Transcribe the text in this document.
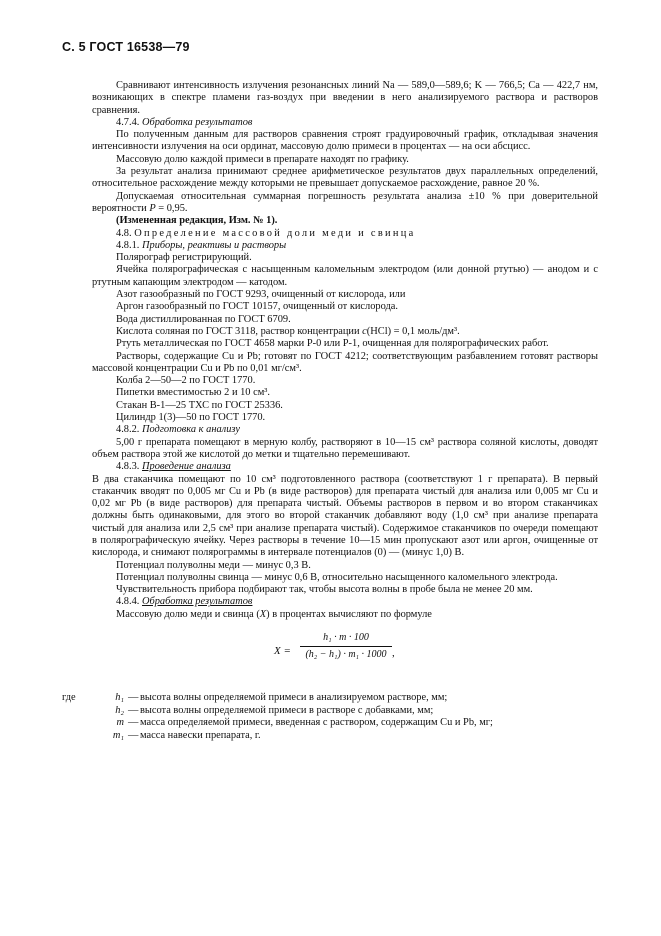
С. 5 ГОСТ 16538—79

Сравнивают интенсивность излучения резонансных линий Na — 589,0—589,6; K — 766,5; Ca — 422,7 нм, возникающих в спектре пламени газ-воздух при введении в него анализируемого раствора и растворов сравнения.

4.7.4. Обработка результатов

По полученным данным для растворов сравнения строят градуировочный график, откладывая значения интенсивности излучения на оси ординат, массовую долю примеси в процентах — на оси абсцисс.

Массовую долю каждой примеси в препарате находят по графику.

За результат анализа принимают среднее арифметическое результатов двух параллельных определений, относительное расхождение между которыми не превышает допускаемое расхождение, равное 20 %.

Допускаемая относительная суммарная погрешность результата анализа ±10 % при доверительной вероятности P = 0,95.

(Измененная редакция, Изм. № 1).

4.8. Определение массовой доли меди и свинца

4.8.1. Приборы, реактивы и растворы

Полярограф регистрирующий.

Ячейка полярографическая с насыщенным каломельным электродом (или донной ртутью) — анодом и с ртутным капающим электродом — катодом.

Азот газообразный по ГОСТ 9293, очищенный от кислорода, или

Аргон газообразный по ГОСТ 10157, очищенный от кислорода.

Вода дистиллированная по ГОСТ 6709.

Кислота соляная по ГОСТ 3118, раствор концентрации c(HCl) = 0,1 моль/дм³.

Ртуть металлическая по ГОСТ 4658 марки Р-0 или Р-1, очищенная для полярографических работ.

Растворы, содержащие Cu и Pb; готовят по ГОСТ 4212; соответствующим разбавлением готовят растворы массовой концентрации Cu и Pb по 0,01 мг/см³.

Колба 2—50—2 по ГОСТ 1770.

Пипетки вместимостью 2 и 10 см³.

Стакан В-1—25 ТХС по ГОСТ 25336.

Цилиндр 1(3)—50 по ГОСТ 1770.

4.8.2. Подготовка к анализу

5,00 г препарата помещают в мерную колбу, растворяют в 10—15 см³ раствора соляной кислоты, доводят объем раствора этой же кислотой до метки и тщательно перемешивают.

4.8.3. Проведение анализа

В два стаканчика помещают по 10 см³ подготовленного раствора (соответствуют 1 г препарата). В первый стаканчик вводят по 0,005 мг Cu и Pb (в виде растворов) для препарата чистый для анализа или 0,005 мг Cu и 0,02 мг Pb (в виде растворов) для препарата чистый. Объемы растворов в первом и во втором стаканчиках должны быть одинаковыми, для этого во второй стаканчик добавляют воду (1,0 см³ при анализе препарата чистый для анализа или 2,5 см³ при анализе препарата чистый). Содержимое стаканчиков по очереди помещают в полярографическую ячейку. Через растворы в течение 10—15 мин пропускают азот или аргон, очищенные от кислорода, и снимают полярограммы в интервале потенциалов (0) — (минус 1,0) В.

Потенциал полуволны меди — минус 0,3 В.

Потенциал полуволны свинца — минус 0,6 В, относительно насыщенного каломельного электрода.

Чувствительность прибора подбирают так, чтобы высота волны в пробе была не менее 20 мм.

4.8.4. Обработка результатов

Массовую долю меди и свинца (X) в процентах вычисляют по формуле

$X = \frac{\text{h₁ · m · 100}}{\text{(h₂ − h₁) · m₁ · 1000}}$ ,
где	h₁ — высота волны определяемой примеси в анализируемом растворе, мм;
h₂ — высота волны определяемой примеси в растворе с добавками, мм;
m — масса определяемой примеси, введенная с раствором, содержащим Cu и Pb, мг;
m₁ — масса навески препарата, г.
